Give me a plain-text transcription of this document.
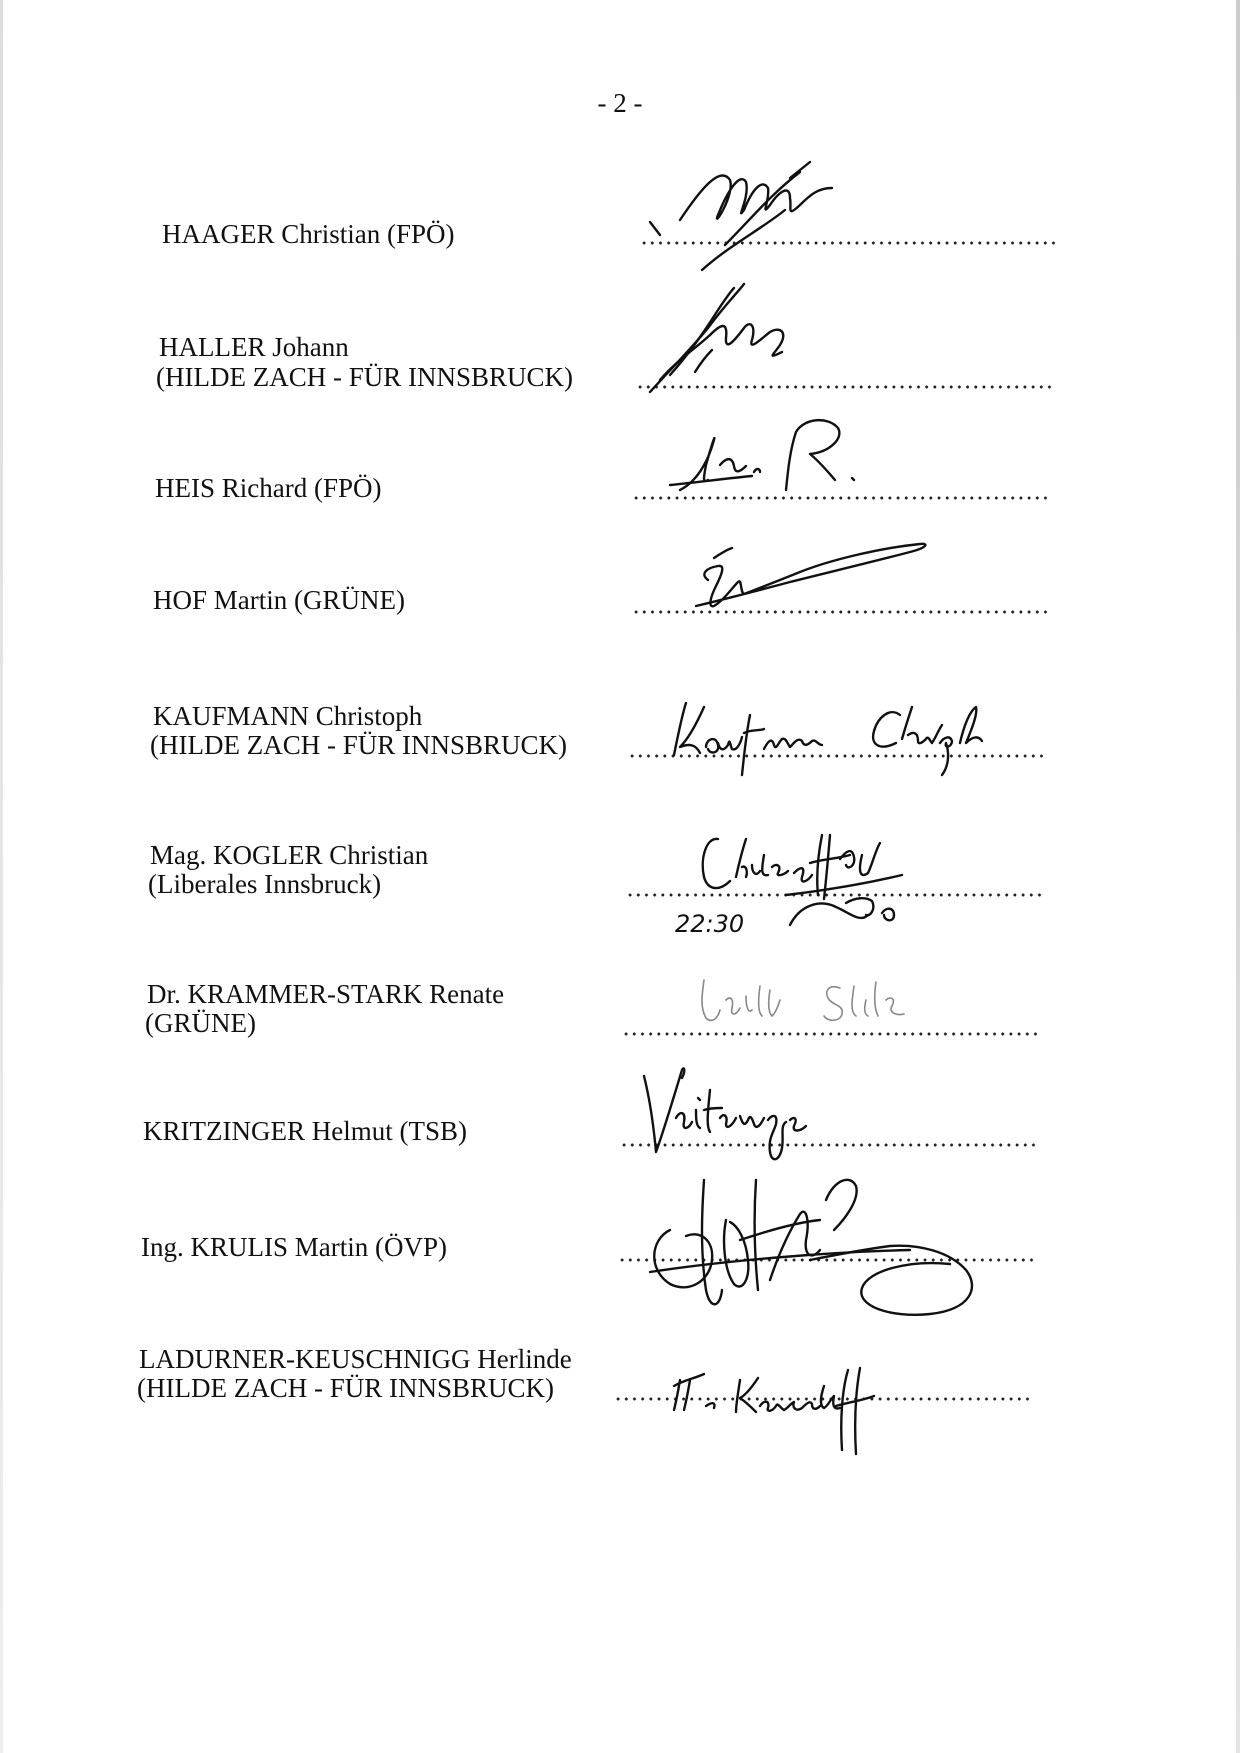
- 2 -
HAAGER Christian (FPÖ)
HALLER Johann
(HILDE ZACH - FÜR INNSBRUCK)
HEIS Richard (FPÖ)
HOF Martin (GRÜNE)
KAUFMANN Christoph
(HILDE ZACH - FÜR INNSBRUCK)
Mag. KOGLER Christian
(Liberales Innsbruck)
22:30
Dr. KRAMMER-STARK Renate
(GRÜNE)
KRITZINGER Helmut (TSB)
Ing. KRULIS Martin (ÖVP)
LADURNER-KEUSCHNIGG Herlinde
(HILDE ZACH - FÜR INNSBRUCK)
